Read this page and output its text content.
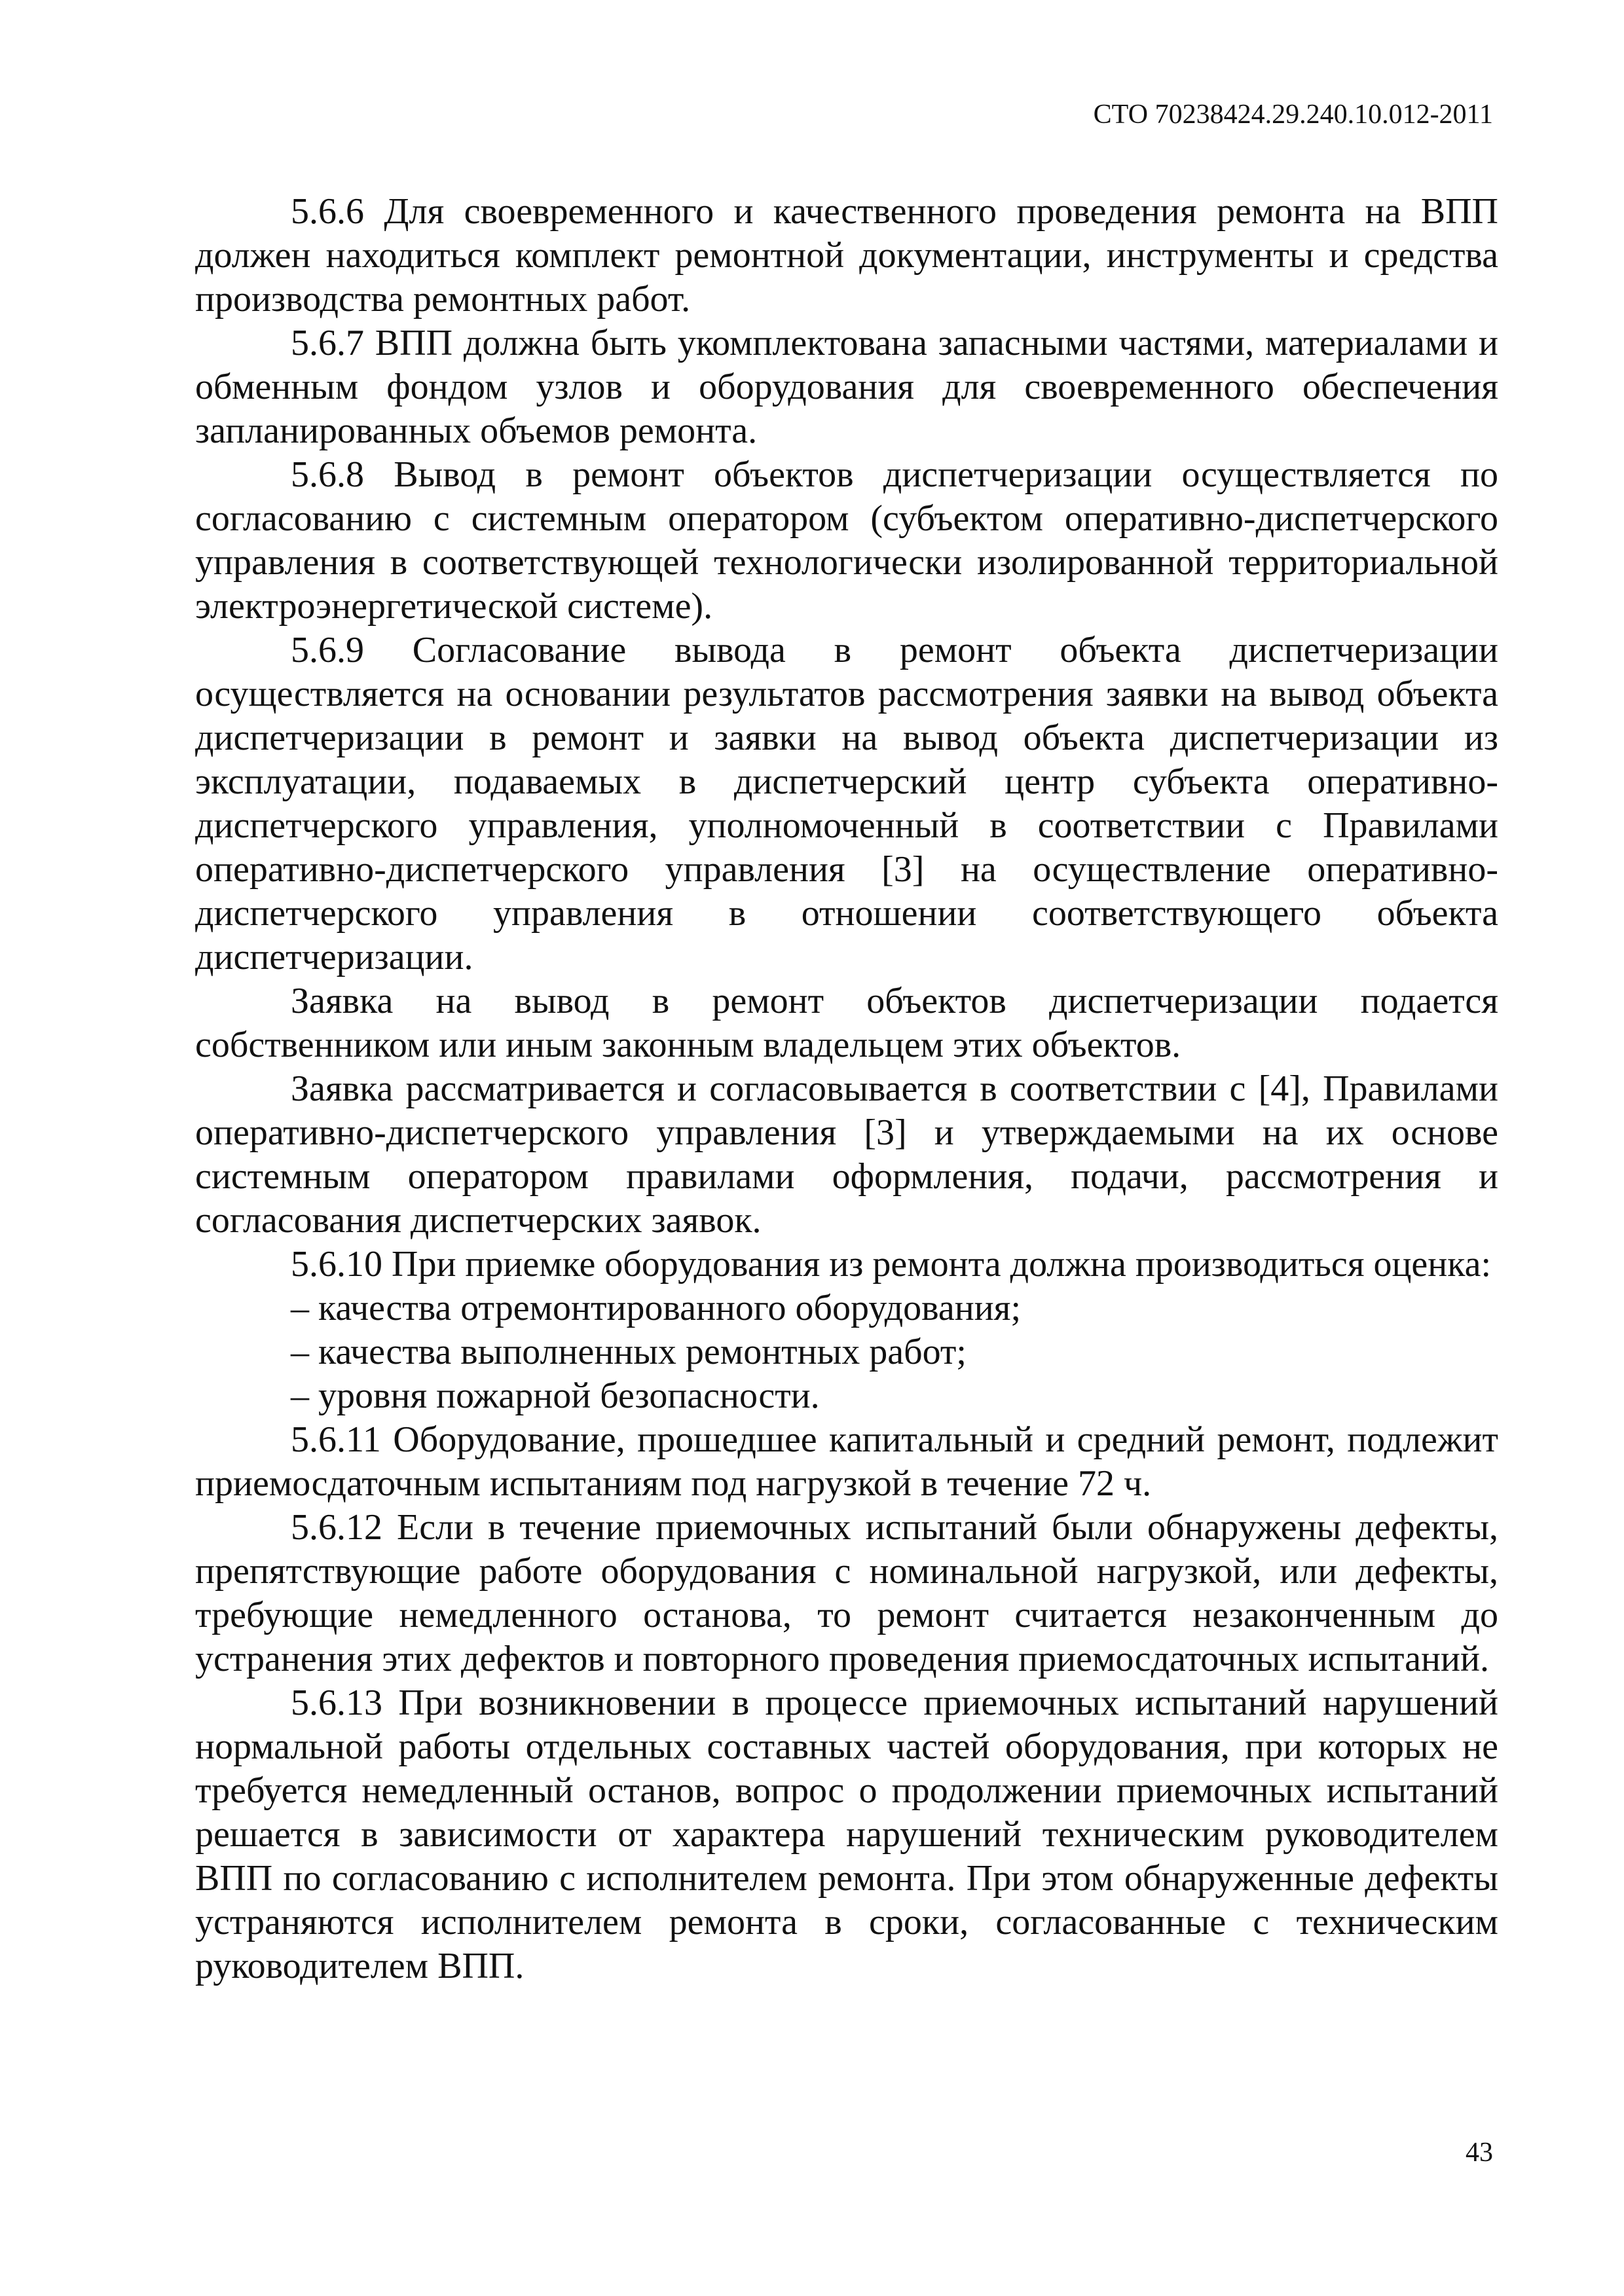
СТО 70238424.29.240.10.012-2011

5.6.6 Для своевременного и качественного проведения ремонта на ВПП должен находиться комплект ремонтной документации, инструменты и средства производства ремонтных работ.

5.6.7 ВПП должна быть укомплектована запасными частями, материалами и обменным фондом узлов и оборудования для своевременного обеспечения запланированных объемов ремонта.

5.6.8 Вывод в ремонт объектов диспетчеризации осуществляется по согласованию с системным оператором (субъектом оперативно-диспетчерского управления в соответствующей технологически изолированной территориальной электроэнергетической системе).

5.6.9 Согласование вывода в ремонт объекта диспетчеризации осуществляется на основании результатов рассмотрения заявки на вывод объекта диспетчеризации в ремонт и заявки на вывод объекта диспетчеризации из эксплуатации, подаваемых в диспетчерский центр субъекта оперативно-диспетчерского управления, уполномоченный в соответствии с Правилами оперативно-диспетчерского управления [3] на осуществление оперативно-диспетчерского управления в отношении соответствующего объекта диспетчеризации.

Заявка на вывод в ремонт объектов диспетчеризации подается собственником или иным законным владельцем этих объектов.

Заявка рассматривается и согласовывается в соответствии с [4], Правилами оперативно-диспетчерского управления [3] и утверждаемыми на их основе системным оператором правилами оформления, подачи, рассмотрения и согласования диспетчерских заявок.

5.6.10 При приемке оборудования из ремонта должна производиться оценка:

– качества отремонтированного оборудования;

– качества выполненных ремонтных работ;

– уровня пожарной безопасности.

5.6.11 Оборудование, прошедшее капитальный и средний ремонт, подлежит приемосдаточным испытаниям под нагрузкой в течение 72 ч.

5.6.12 Если в течение приемочных испытаний были обнаружены дефекты, препятствующие работе оборудования с номинальной нагрузкой, или дефекты, требующие немедленного останова, то ремонт считается незаконченным до устранения этих дефектов и повторного проведения приемосдаточных испытаний.

5.6.13 При возникновении в процессе приемочных испытаний нарушений нормальной работы отдельных составных частей оборудования, при которых не требуется немедленный останов, вопрос о продолжении приемочных испытаний решается в зависимости от характера нарушений техническим руководителем ВПП по согласованию с исполнителем ремонта. При этом обнаруженные дефекты устраняются исполнителем ремонта в сроки, согласованные с техническим руководителем ВПП.

43
